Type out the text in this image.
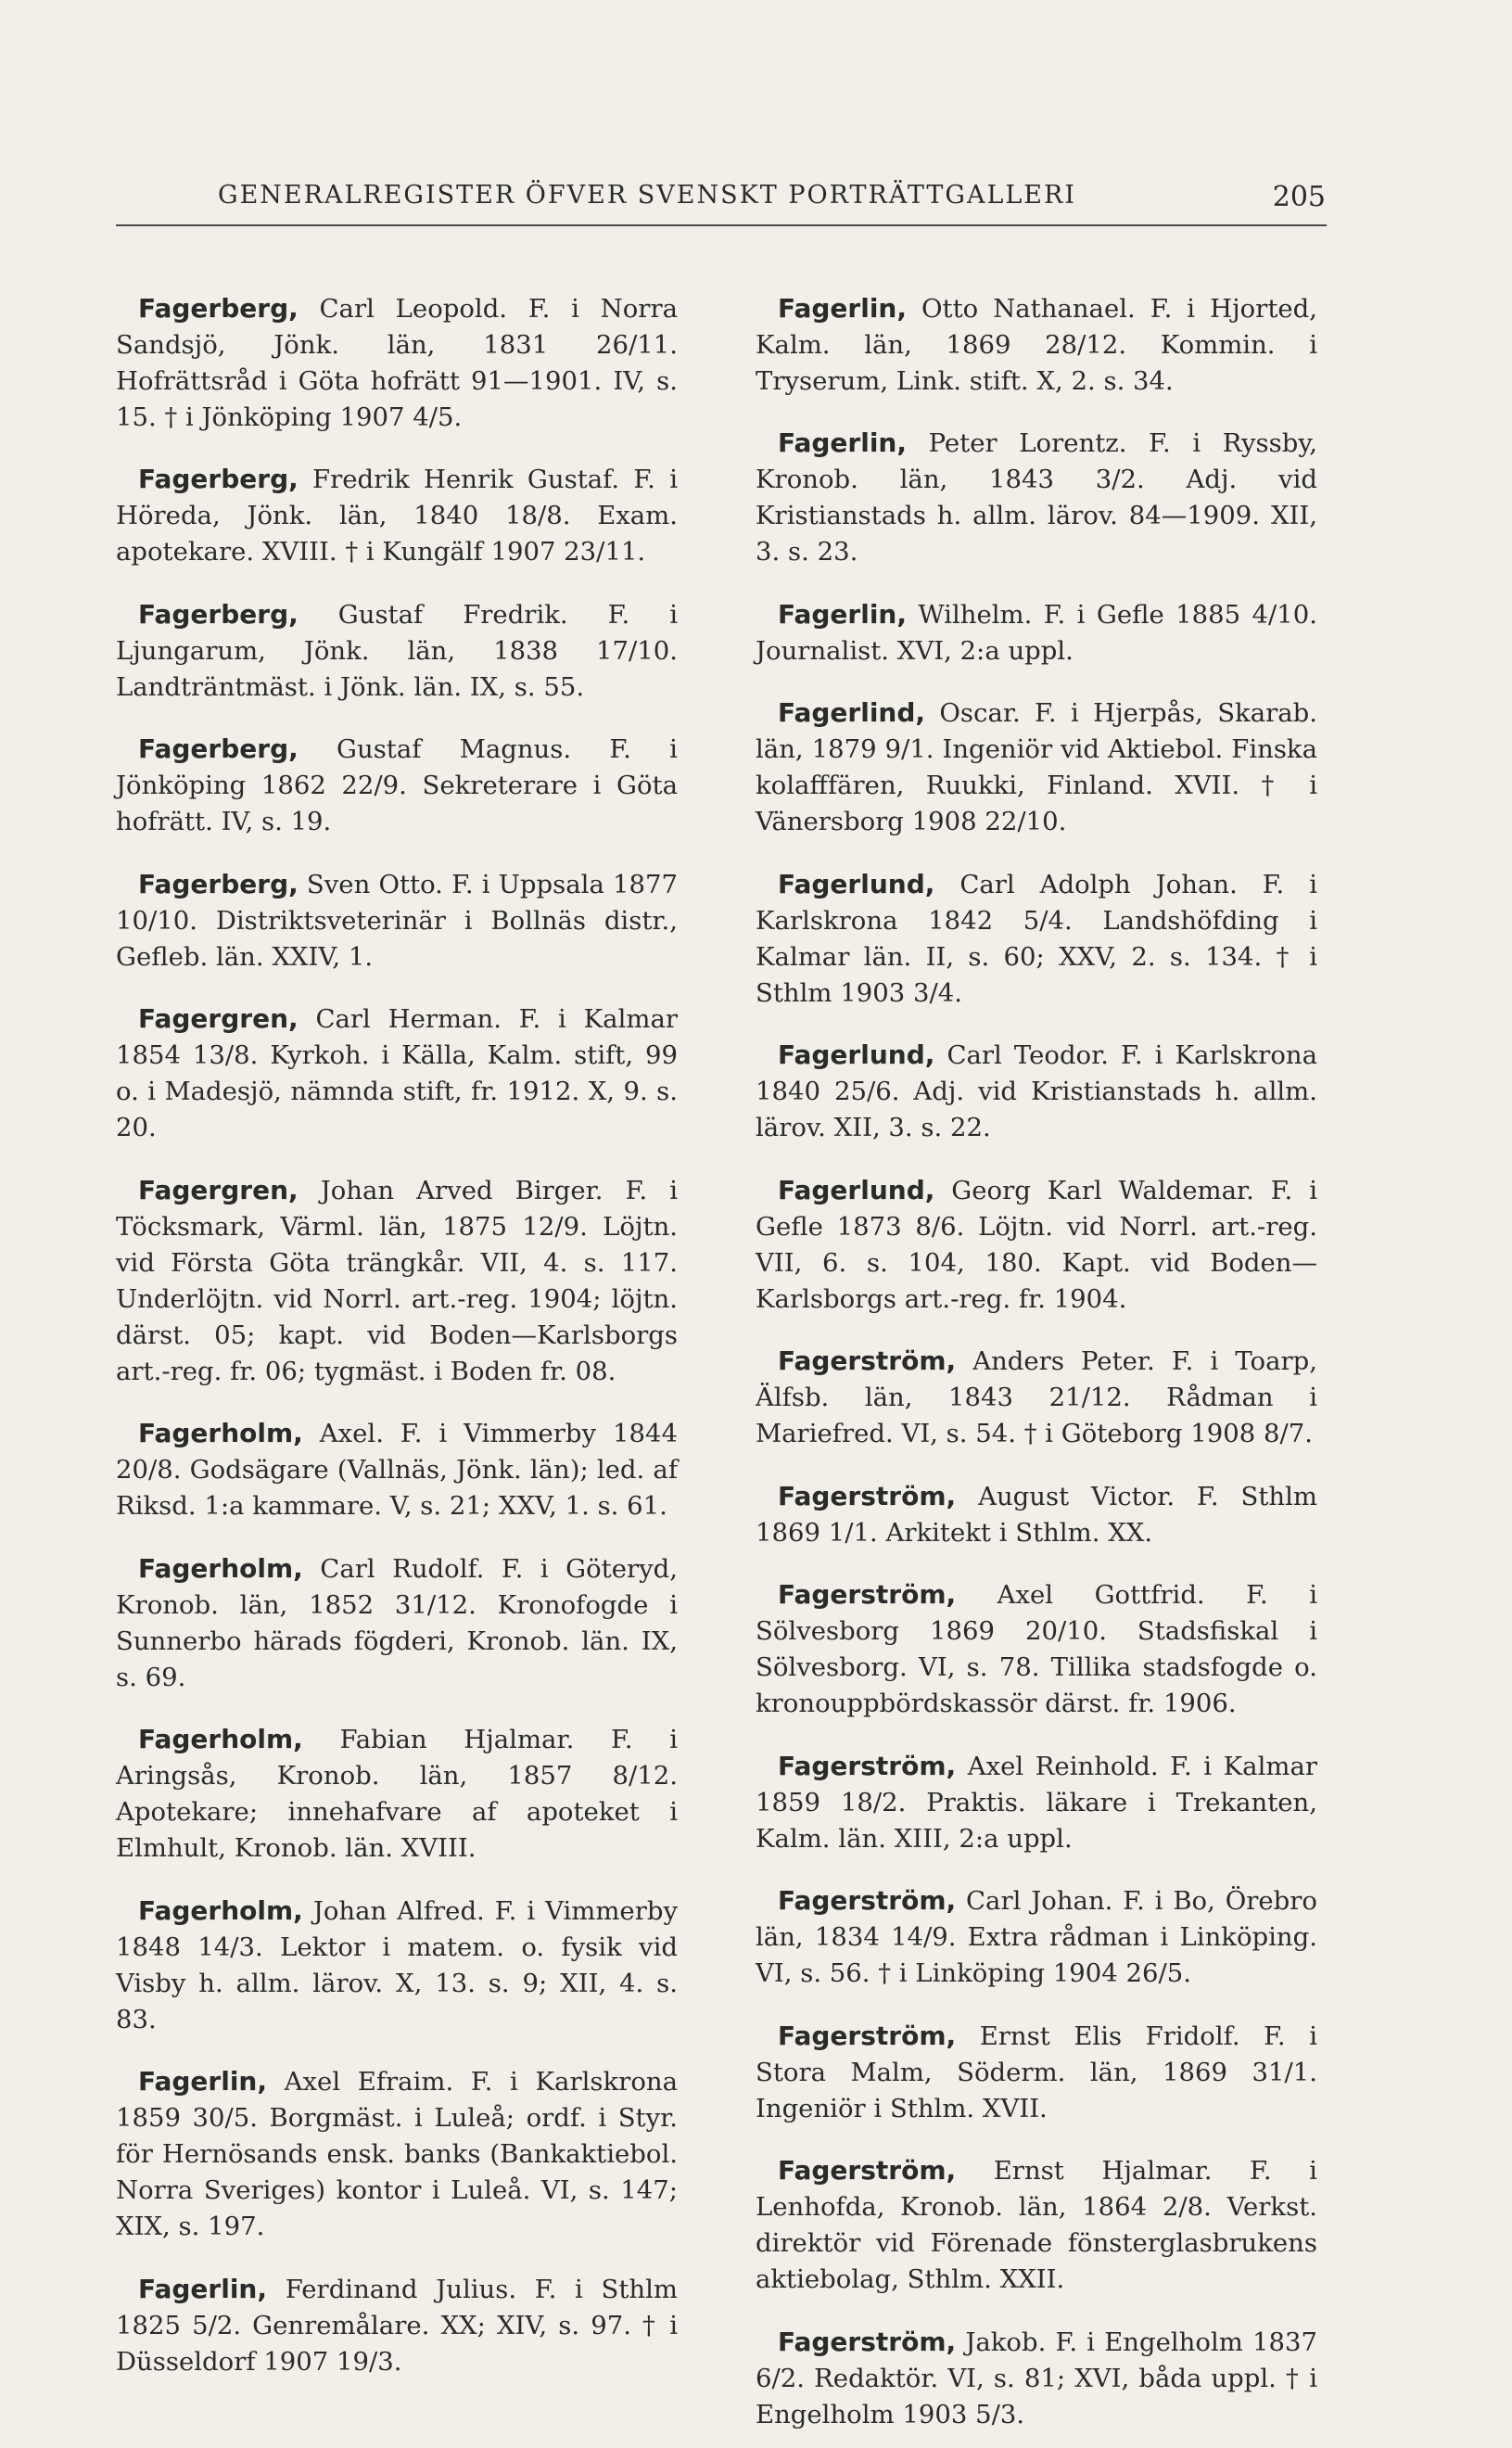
GENERALREGISTER ÖFVER SVENSKT PORTRÄTTGALLERI	205

Fagerberg, Carl Leopold. F. i Norra Sandsjö, Jönk. län, 1831 26/11. Hofrättsråd i Göta hofrätt 91—1901. IV, s. 15. † i Jönköping 1907 4/5.

Fagerberg, Fredrik Henrik Gustaf. F. i Höreda, Jönk. län, 1840 18/8. Exam. apotekare. XVIII. † i Kungälf 1907 23/11.

Fagerberg, Gustaf Fredrik. F. i Ljungarum, Jönk. län, 1838 17/10. Landträntmäst. i Jönk. län. IX, s. 55.

Fagerberg, Gustaf Magnus. F. i Jönköping 1862 22/9. Sekreterare i Göta hofrätt. IV, s. 19.

Fagerberg, Sven Otto. F. i Uppsala 1877 10/10. Distriktsveterinär i Bollnäs distr., Gefleb. län. XXIV, 1.

Fagergren, Carl Herman. F. i Kalmar 1854 13/8. Kyrkoh. i Källa, Kalm. stift, 99 o. i Madesjö, nämnda stift, fr. 1912. X, 9. s. 20.

Fagergren, Johan Arved Birger. F. i Töcksmark, Värml. län, 1875 12/9. Löjtn. vid Första Göta trängkår. VII, 4. s. 117. Underlöjtn. vid Norrl. art.-reg. 1904; löjtn. därst. 05; kapt. vid Boden—Karlsborgs art.-reg. fr. 06; tygmäst. i Boden fr. 08.

Fagerholm, Axel. F. i Vimmerby 1844 20/8. Godsägare (Vallnäs, Jönk. län); led. af Riksd. 1:a kammare. V, s. 21; XXV, 1. s. 61.

Fagerholm, Carl Rudolf. F. i Göteryd, Kronob. län, 1852 31/12. Kronofogde i Sunnerbo härads fögderi, Kronob. län. IX, s. 69.

Fagerholm, Fabian Hjalmar. F. i Aringsås, Kronob. län, 1857 8/12. Apotekare; innehafvare af apoteket i Elmhult, Kronob. län. XVIII.

Fagerholm, Johan Alfred. F. i Vimmerby 1848 14/3. Lektor i matem. o. fysik vid Visby h. allm. lärov. X, 13. s. 9; XII, 4. s. 83.

Fagerlin, Axel Efraim. F. i Karlskrona 1859 30/5. Borgmäst. i Luleå; ordf. i Styr. för Hernösands ensk. banks (Bankaktiebol. Norra Sveriges) kontor i Luleå. VI, s. 147; XIX, s. 197.

Fagerlin, Ferdinand Julius. F. i Sthlm 1825 5/2. Genremålare. XX; XIV, s. 97. † i Düsseldorf 1907 19/3.

Fagerlin, Otto Nathanael. F. i Hjorted, Kalm. län, 1869 28/12. Kommin. i Tryserum, Link. stift. X, 2. s. 34.

Fagerlin, Peter Lorentz. F. i Ryssby, Kronob. län, 1843 3/2. Adj. vid Kristianstads h. allm. lärov. 84—1909. XII, 3. s. 23.

Fagerlin, Wilhelm. F. i Gefle 1885 4/10. Journalist. XVI, 2:a uppl.

Fagerlind, Oscar. F. i Hjerpås, Skarab. län, 1879 9/1. Ingeniör vid Aktiebol. Finska kolafffären, Ruukki, Finland. XVII. † i Vänersborg 1908 22/10.

Fagerlund, Carl Adolph Johan. F. i Karlskrona 1842 5/4. Landshöfding i Kalmar län. II, s. 60; XXV, 2. s. 134. † i Sthlm 1903 3/4.

Fagerlund, Carl Teodor. F. i Karlskrona 1840 25/6. Adj. vid Kristianstads h. allm. lärov. XII, 3. s. 22.

Fagerlund, Georg Karl Waldemar. F. i Gefle 1873 8/6. Löjtn. vid Norrl. art.-reg. VII, 6. s. 104, 180. Kapt. vid Boden—Karlsborgs art.-reg. fr. 1904.

Fagerström, Anders Peter. F. i Toarp, Älfsb. län, 1843 21/12. Rådman i Mariefred. VI, s. 54. † i Göteborg 1908 8/7.

Fagerström, August Victor. F. Sthlm 1869 1/1. Arkitekt i Sthlm. XX.

Fagerström, Axel Gottfrid. F. i Sölvesborg 1869 20/10. Stadsfiskal i Sölvesborg. VI, s. 78. Tillika stadsfogde o. kronouppbördskassör därst. fr. 1906.

Fagerström, Axel Reinhold. F. i Kalmar 1859 18/2. Praktis. läkare i Trekanten, Kalm. län. XIII, 2:a uppl.

Fagerström, Carl Johan. F. i Bo, Örebro län, 1834 14/9. Extra rådman i Linköping. VI, s. 56. † i Linköping 1904 26/5.

Fagerström, Ernst Elis Fridolf. F. i Stora Malm, Söderm. län, 1869 31/1. Ingeniör i Sthlm. XVII.

Fagerström, Ernst Hjalmar. F. i Lenhofda, Kronob. län, 1864 2/8. Verkst. direktör vid Förenade fönsterglasbrukens aktiebolag, Sthlm. XXII.

Fagerström, Jakob. F. i Engelholm 1837 6/2. Redaktör. VI, s. 81; XVI, båda uppl. † i Engelholm 1903 5/3.
